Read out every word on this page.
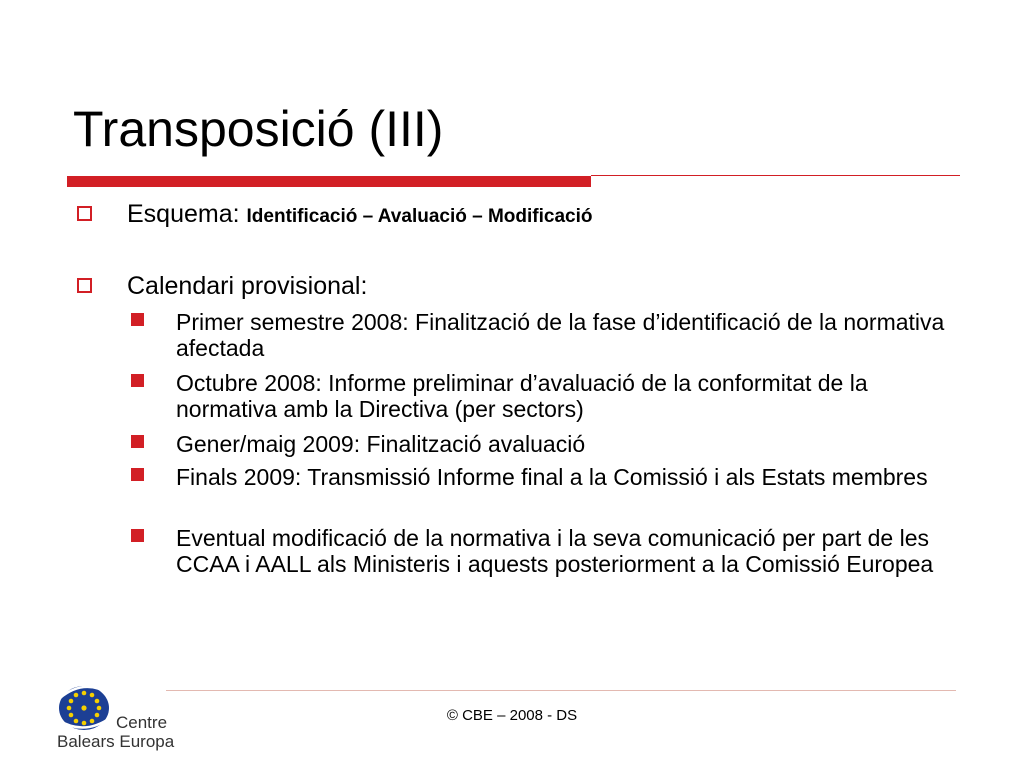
Transposició (III)
Esquema: Identificació – Avaluació – Modificació
Calendari provisional:
Primer semestre 2008: Finalització de la fase d’identificació de la normativa afectada
Octubre 2008: Informe preliminar d’avaluació de la conformitat de la normativa amb la Directiva (per sectors)
Gener/maig 2009: Finalització avaluació
Finals 2009: Transmissió Informe final a la Comissió i als Estats membres
Eventual modificació de la normativa i la seva comunicació per part de les CCAA i AALL als Ministeris i aquests posteriorment a la Comissió Europea
© CBE – 2008 - DS
Centre
Balears Europa
